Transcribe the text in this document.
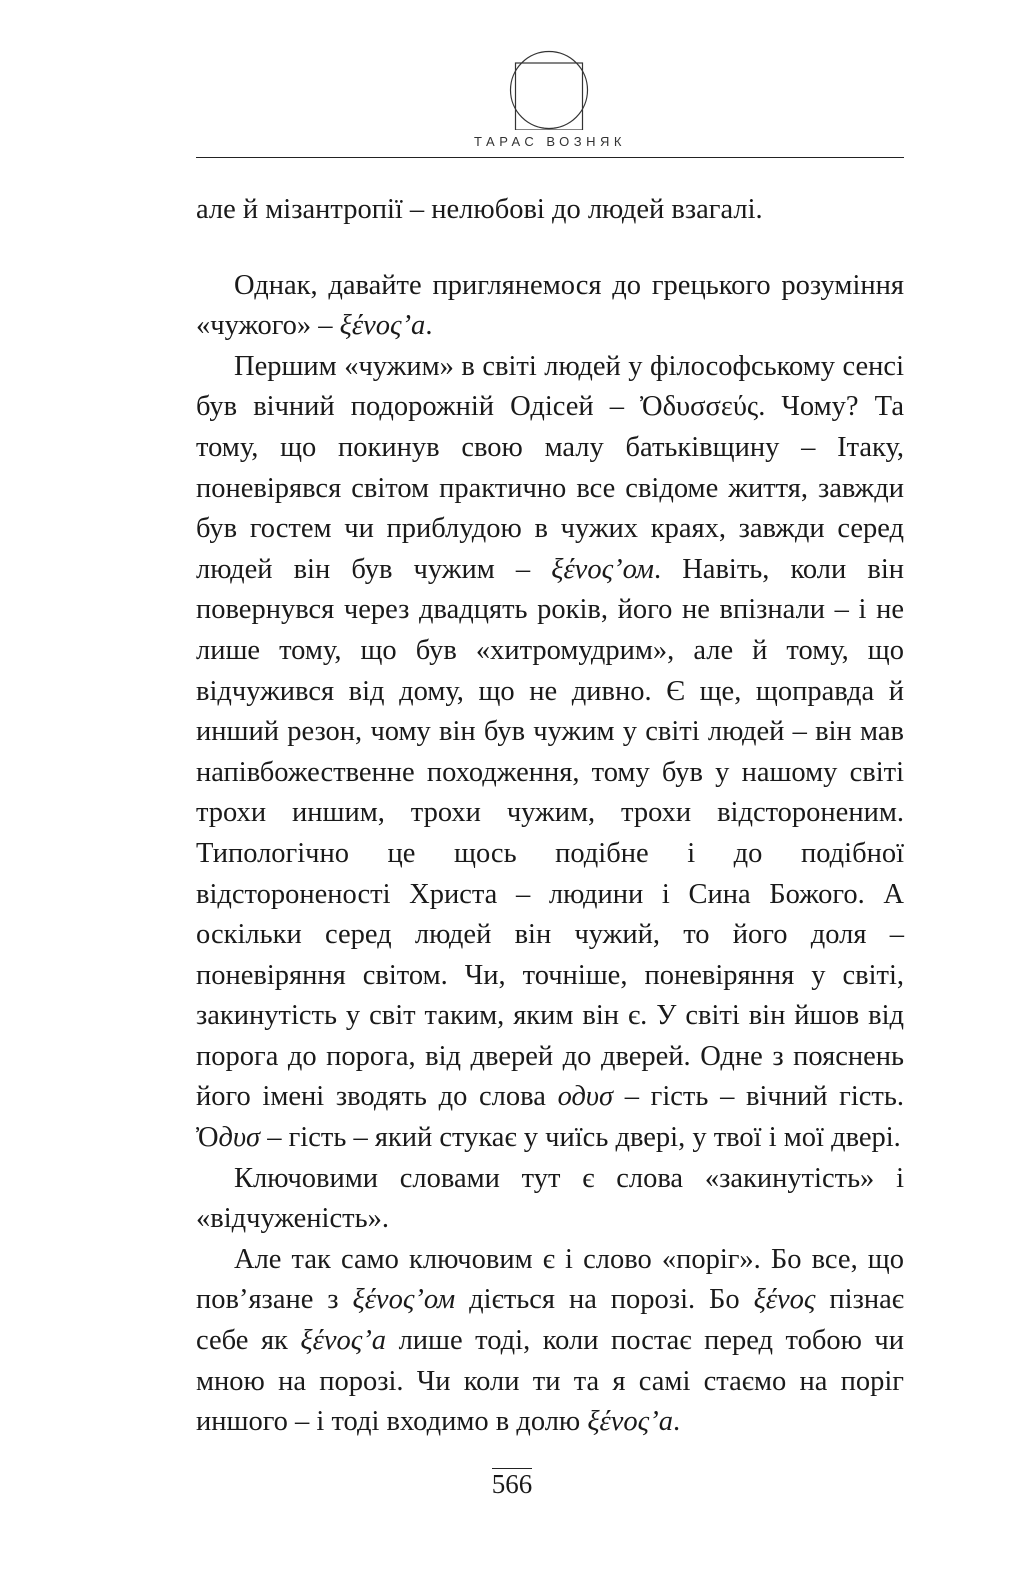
ТАРАС ВОЗНЯК

але й мізантропії – нелюбові до людей взагалі.

Однак, давайте приглянемося до грецького розуміння «чужого» – ξένος’а.

Першим «чужим» в світі людей у філософському сенсі був вічний подорожній Одісей – Ὀδυσσεύς. Чому? Та тому, що покинув свою малу батьківщину – Ітаку, поневірявся світом практично все свідоме життя, завжди був гостем чи приблудою в чужих краях, завжди серед людей він був чужим – ξένος’ом. Навіть, коли він повернувся через двадцять років, його не впізнали – і не лише тому, що був «хитромудрим», але й тому, що відчужився від дому, що не дивно. Є ще, щоправда й инший резон, чому він був чужим у світі людей – він мав напівбожественне походження, тому був у нашому світі трохи иншим, трохи чужим, трохи відстороненим. Типологічно це щось подібне і до подібної відстороненості Христа – людини і Сина Божого. А оскільки серед людей він чужий, то його доля – поневіряння світом. Чи, точніше, поневіряння у світі, закинутість у світ таким, яким він є. У світі він йшов від порога до порога, від дверей до дверей. Одне з пояснень його імені зводять до слова одυσ – гість – вічний гість. Ὀдυσ – гість – який стукає у чиїсь двері, у твої і мої двері.

Ключовими словами тут є слова «закинутість» і «відчуженість».

Але так само ключовим є і слово «поріг». Бо все, що пов’язане з ξένος’ом діється на порозі. Бо ξένος пізнає себе як ξένος’а лише тоді, коли постає перед тобою чи мною на порозі. Чи коли ти та я самі стаємо на поріг иншого – і тоді входимо в долю ξένος’а.

566
